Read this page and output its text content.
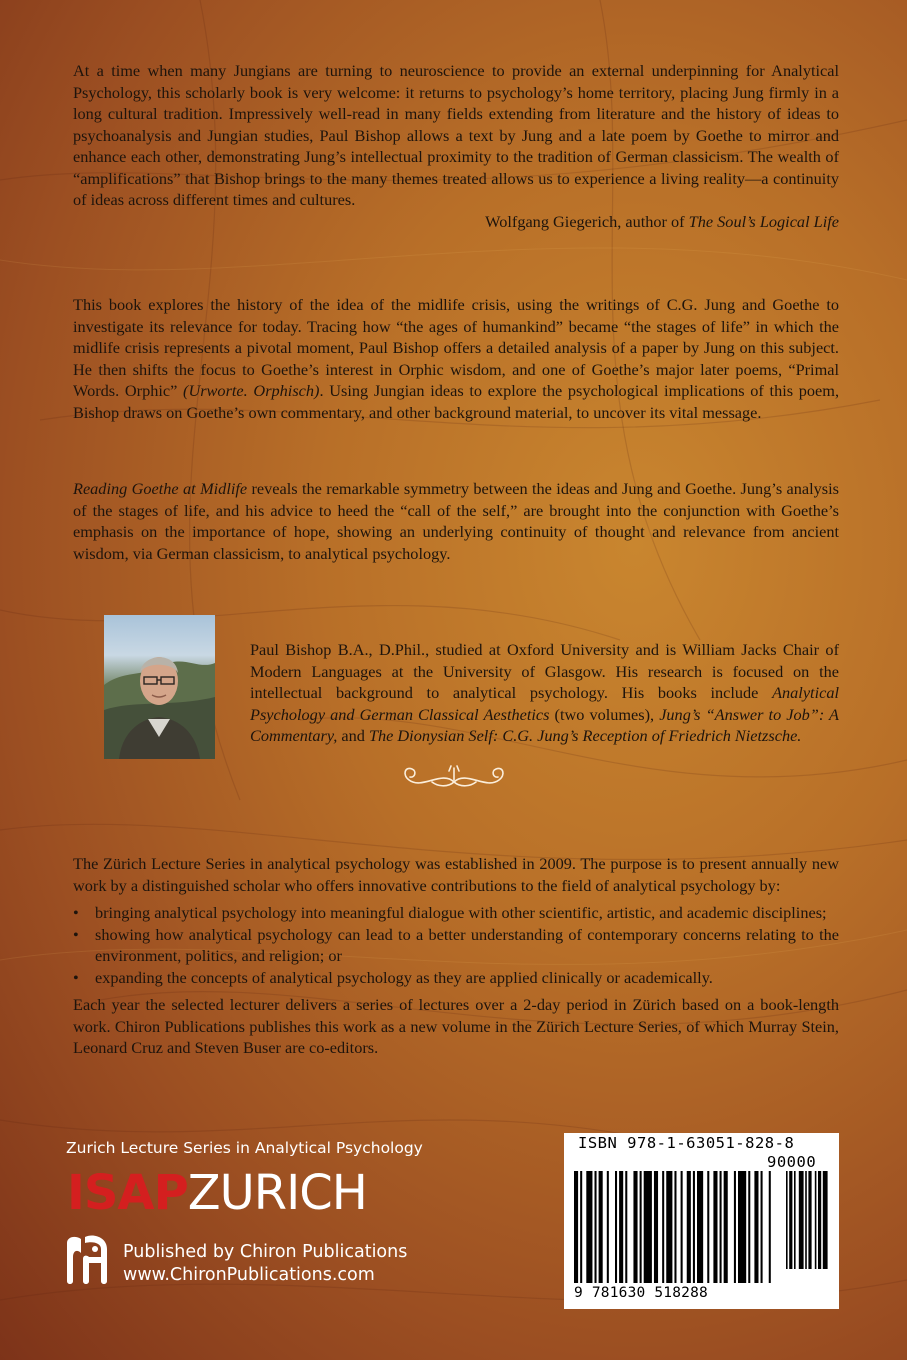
At a time when many Jungians are turning to neuroscience to provide an external underpinning for Analytical Psychology, this scholarly book is very welcome: it returns to psychology’s home territory, placing Jung firmly in a long cultural tradition. Impressively well-read in many fields extending from literature and the history of ideas to psychoanalysis and Jungian studies, Paul Bishop allows a text by Jung and a late poem by Goethe to mirror and enhance each other, demonstrating Jung’s intellectual proximity to the tradition of German classicism. The wealth of “amplifications” that Bishop brings to the many themes treated allows us to experience a living reality—a continuity of ideas across different times and cultures.

Wolfgang Giegerich, author of The Soul’s Logical Life

This book explores the history of the idea of the midlife crisis, using the writings of C.G. Jung and Goethe to investigate its relevance for today. Tracing how “the ages of humankind” became “the stages of life” in which the midlife crisis represents a pivotal moment, Paul Bishop offers a detailed analysis of a paper by Jung on this subject. He then shifts the focus to Goethe’s interest in Orphic wisdom, and one of Goethe’s major later poems, “Primal Words. Orphic” (Urworte. Orphisch). Using Jungian ideas to explore the psychological implications of this poem, Bishop draws on Goethe’s own commentary, and other background material, to uncover its vital message.

Reading Goethe at Midlife reveals the remarkable symmetry between the ideas and Jung and Goethe. Jung’s analysis of the stages of life, and his advice to heed the “call of the self,” are brought into the conjunction with Goethe’s emphasis on the importance of hope, showing an underlying continuity of thought and relevance from ancient wisdom, via German classicism, to analytical psychology.

Paul Bishop B.A., D.Phil., studied at Oxford University and is William Jacks Chair of Modern Languages at the University of Glasgow. His research is focused on the intellectual background to analytical psychology. His books include Analytical Psychology and German Classical Aesthetics (two volumes), Jung’s “Answer to Job”: A Commentary, and The Dionysian Self: C.G. Jung’s Reception of Friedrich Nietzsche.

The Zürich Lecture Series in analytical psychology was established in 2009. The purpose is to present annually new work by a distinguished scholar who offers innovative contributions to the field of analytical psychology by:

• bringing analytical psychology into meaningful dialogue with other scientific, artistic, and academic disciplines;
• showing how analytical psychology can lead to a better understanding of contemporary concerns relating to the environment, politics, and religion; or
• expanding the concepts of analytical psychology as they are applied clinically or academically.

Each year the selected lecturer delivers a series of lectures over a 2-day period in Zürich based on a book-length work. Chiron Publications publishes this work as a new volume in the Zürich Lecture Series, of which Murray Stein, Leonard Cruz and Steven Buser are co-editors.

Zurich Lecture Series in Analytical Psychology
ISAPZURICH
Published by Chiron Publications
www.ChironPublications.com
ISBN 978-1-63051-828-8
90000
9 781630 518288
